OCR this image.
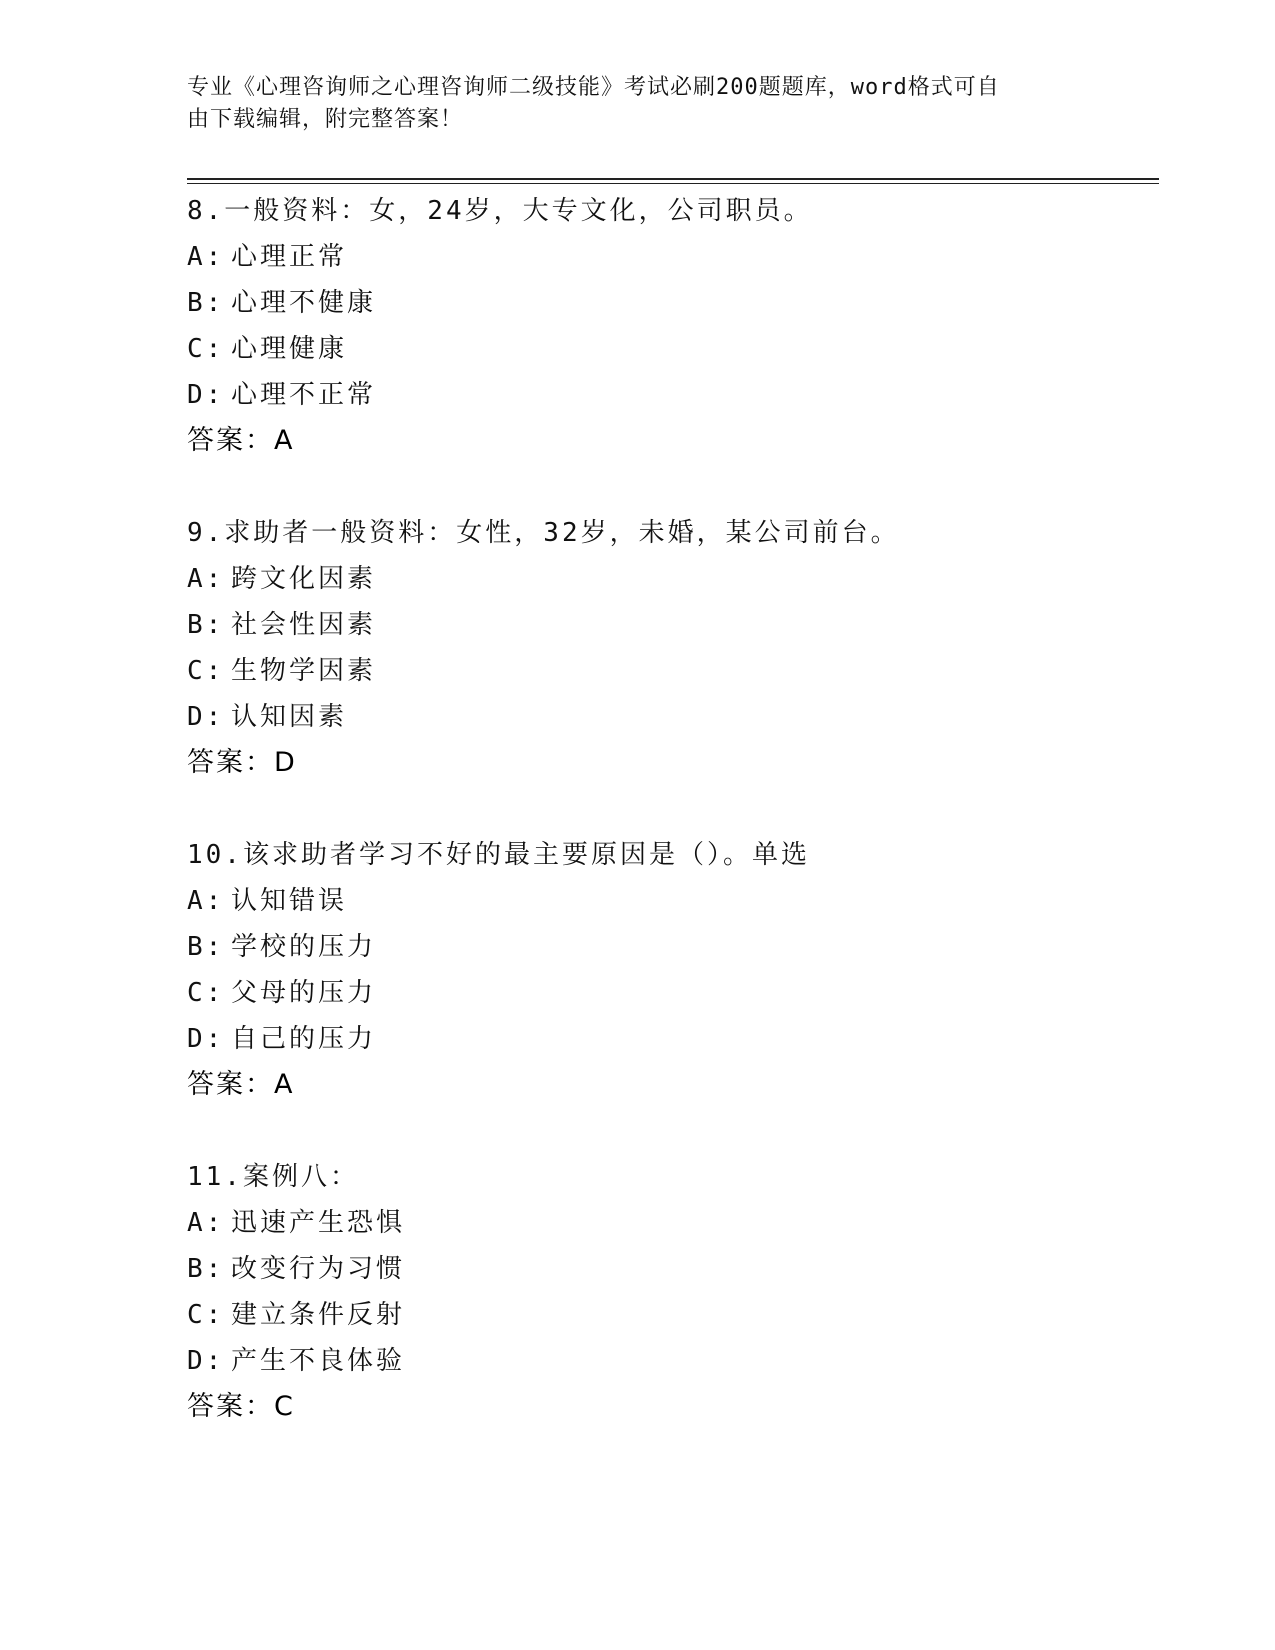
专业《心理咨询师之心理咨询师二级技能》考试必刷200题题库，word格式可自
由下载编辑，附完整答案！
8.一般资料：女，24岁，大专文化，公司职员。
A: 心理正常
B: 心理不健康
C: 心理健康
D: 心理不正常
答案：A
9.求助者一般资料：女性，32岁，未婚，某公司前台。
A: 跨文化因素
B: 社会性因素
C: 生物学因素
D: 认知因素
答案：D
10.该求助者学习不好的最主要原因是（）。单选
A: 认知错误
B: 学校的压力
C: 父母的压力
D: 自己的压力
答案：A
11.案例八：
A: 迅速产生恐惧
B: 改变行为习惯
C: 建立条件反射
D: 产生不良体验
答案：C
